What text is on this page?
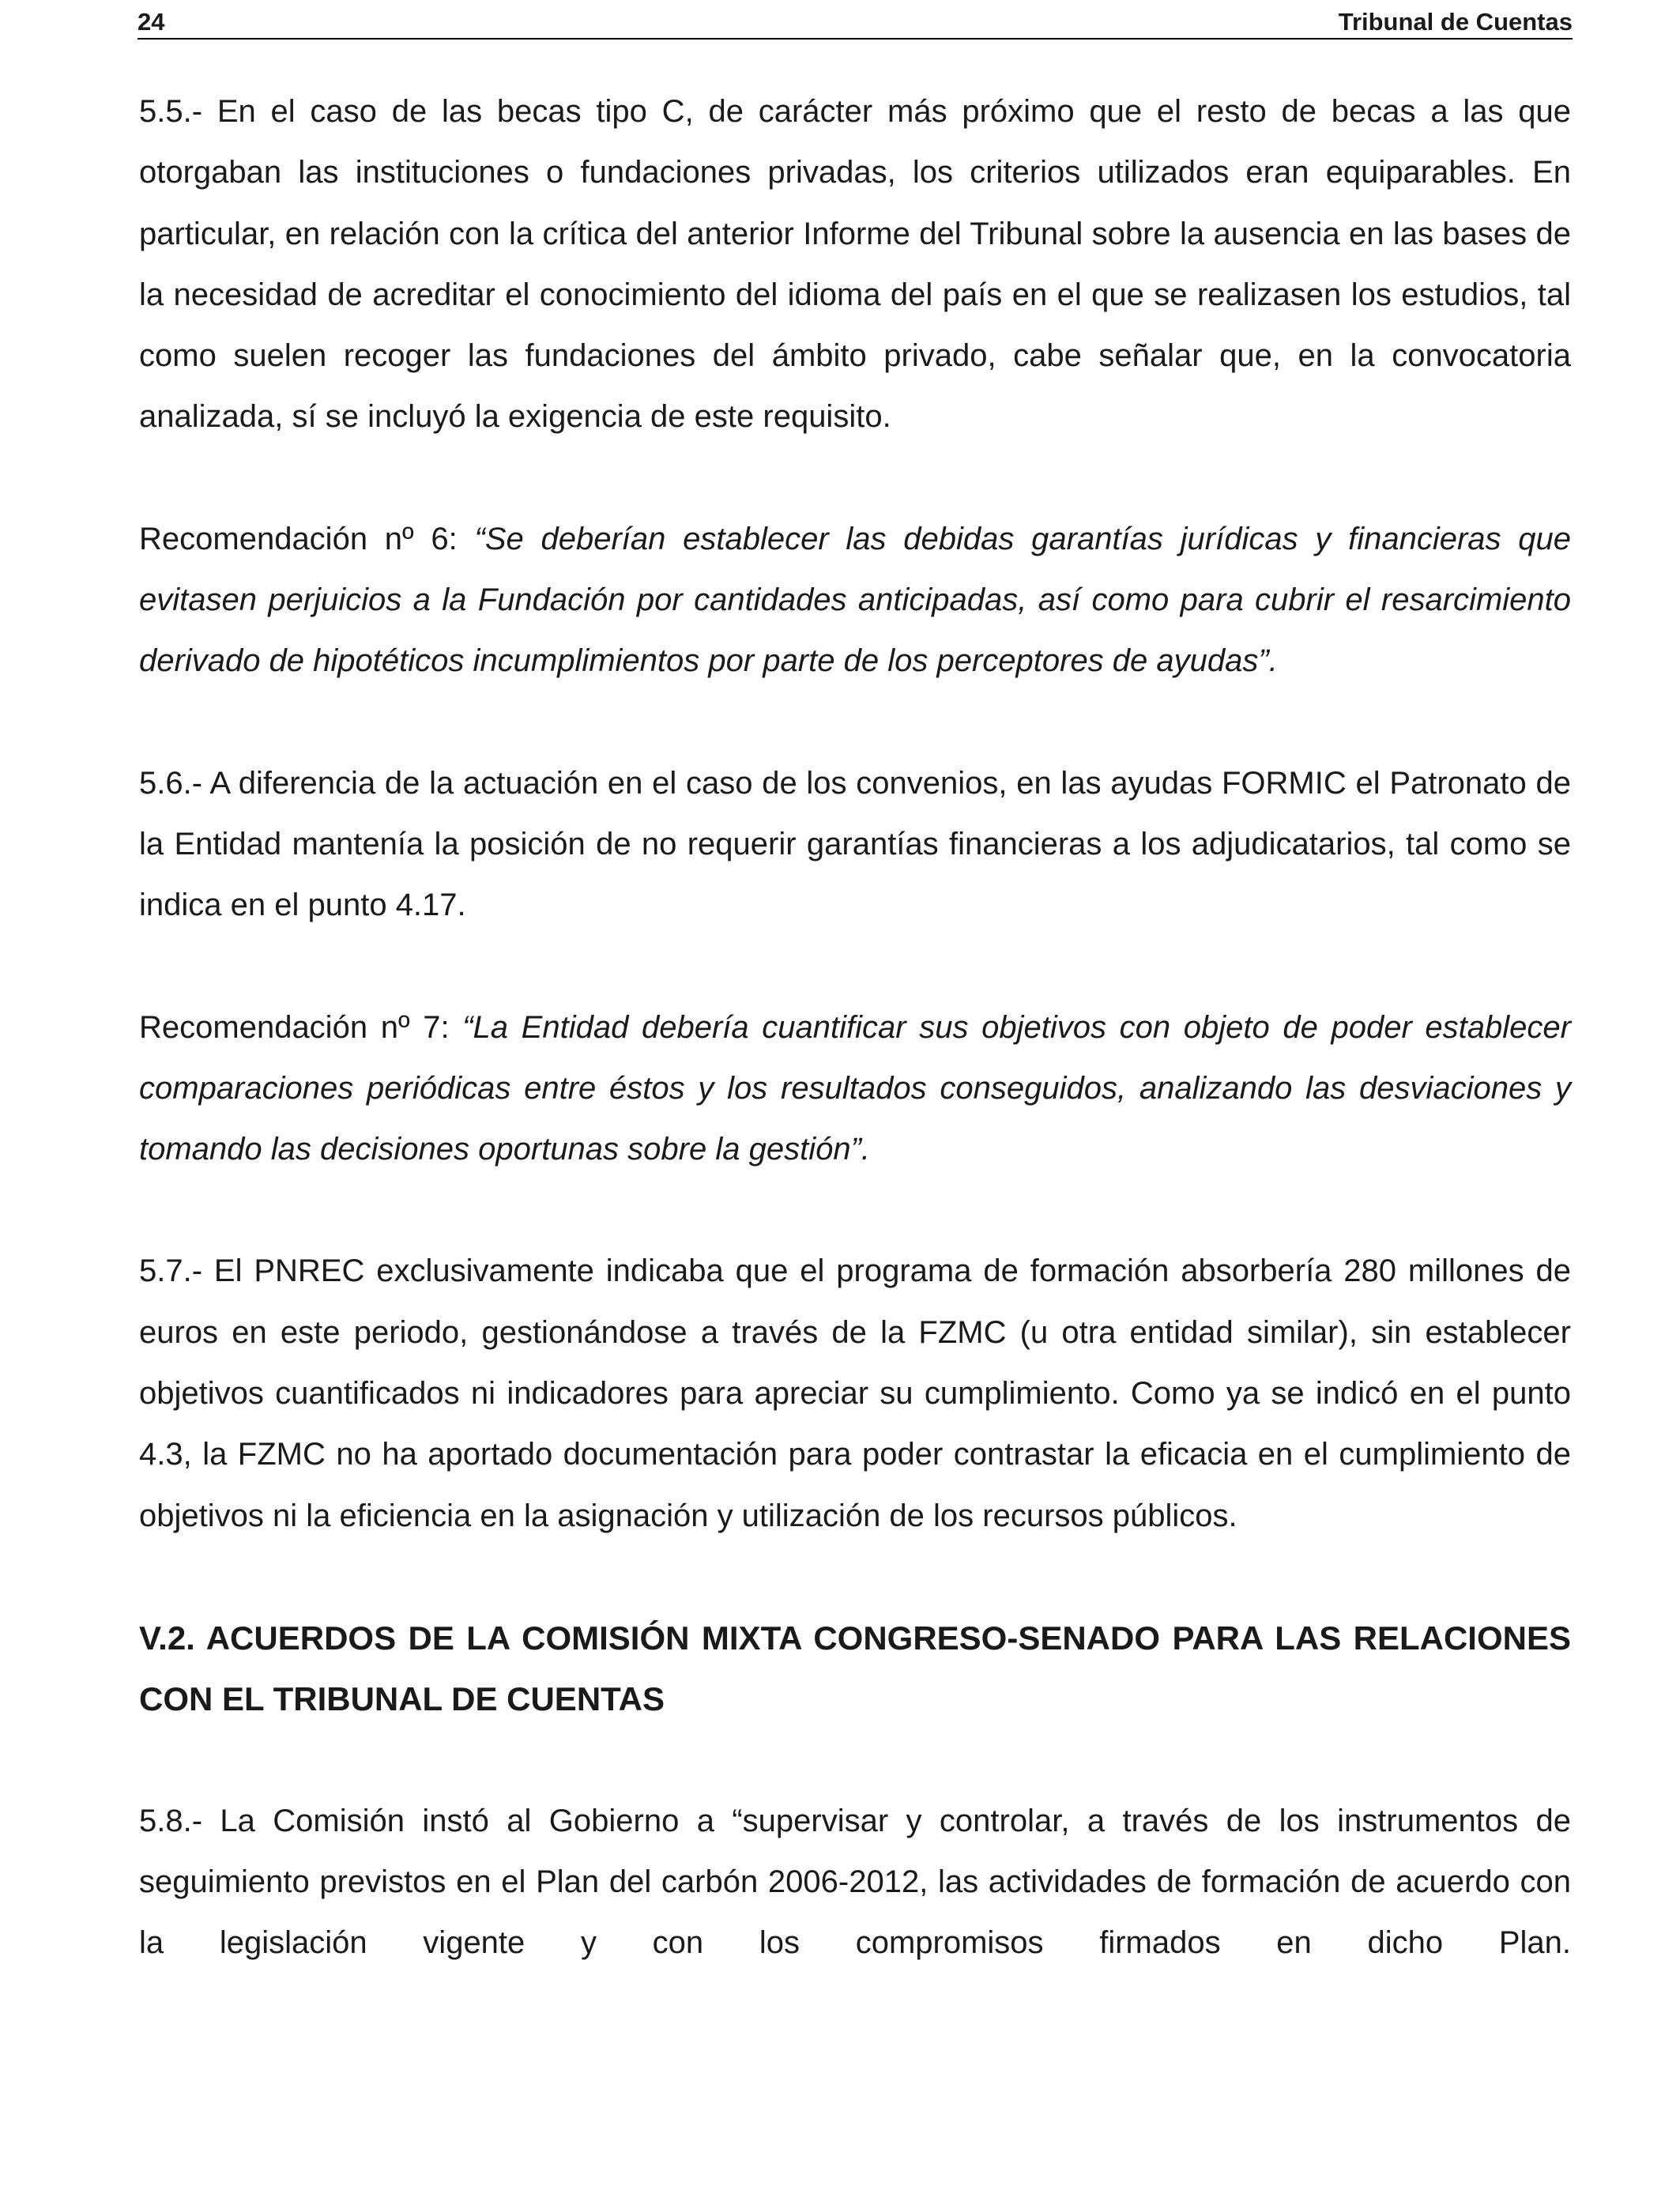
24	Tribunal de Cuentas

5.5.- En el caso de las becas tipo C, de carácter más próximo que el resto de becas a las que otorgaban las instituciones o fundaciones privadas, los criterios utilizados eran equiparables. En particular, en relación con la crítica del anterior Informe del Tribunal sobre la ausencia en las bases de la necesidad de acreditar el conocimiento del idioma del país en el que se realizasen los estudios, tal como suelen recoger las fundaciones del ámbito privado, cabe señalar que, en la convocatoria analizada, sí se incluyó la exigencia de este requisito.

Recomendación nº 6: “Se deberían establecer las debidas garantías jurídicas y financieras que evitasen perjuicios a la Fundación por cantidades anticipadas, así como para cubrir el resarcimiento derivado de hipotéticos incumplimientos por parte de los perceptores de ayudas”.

5.6.- A diferencia de la actuación en el caso de los convenios, en las ayudas FORMIC el Patronato de la Entidad mantenía la posición de no requerir garantías financieras a los adjudicatarios, tal como se indica en el punto 4.17.

Recomendación nº 7: “La Entidad debería cuantificar sus objetivos con objeto de poder establecer comparaciones periódicas entre éstos y los resultados conseguidos, analizando las desviaciones y tomando las decisiones oportunas sobre la gestión”.

5.7.- El PNREC exclusivamente indicaba que el programa de formación absorbería 280 millones de euros en este periodo, gestionándose a través de la FZMC (u otra entidad similar), sin establecer objetivos cuantificados ni indicadores para apreciar su cumplimiento. Como ya se indicó en el punto 4.3, la FZMC no ha aportado documentación para poder contrastar la eficacia en el cumplimiento de objetivos ni la eficiencia en la asignación y utilización de los recursos públicos.

V.2. ACUERDOS DE LA COMISIÓN MIXTA CONGRESO-SENADO PARA LAS RELACIONES CON EL TRIBUNAL DE CUENTAS

5.8.- La Comisión instó al Gobierno a “supervisar y controlar, a través de los instrumentos de seguimiento previstos en el Plan del carbón 2006-2012, las actividades de formación de acuerdo con la legislación vigente y con los compromisos firmados en dicho Plan.
